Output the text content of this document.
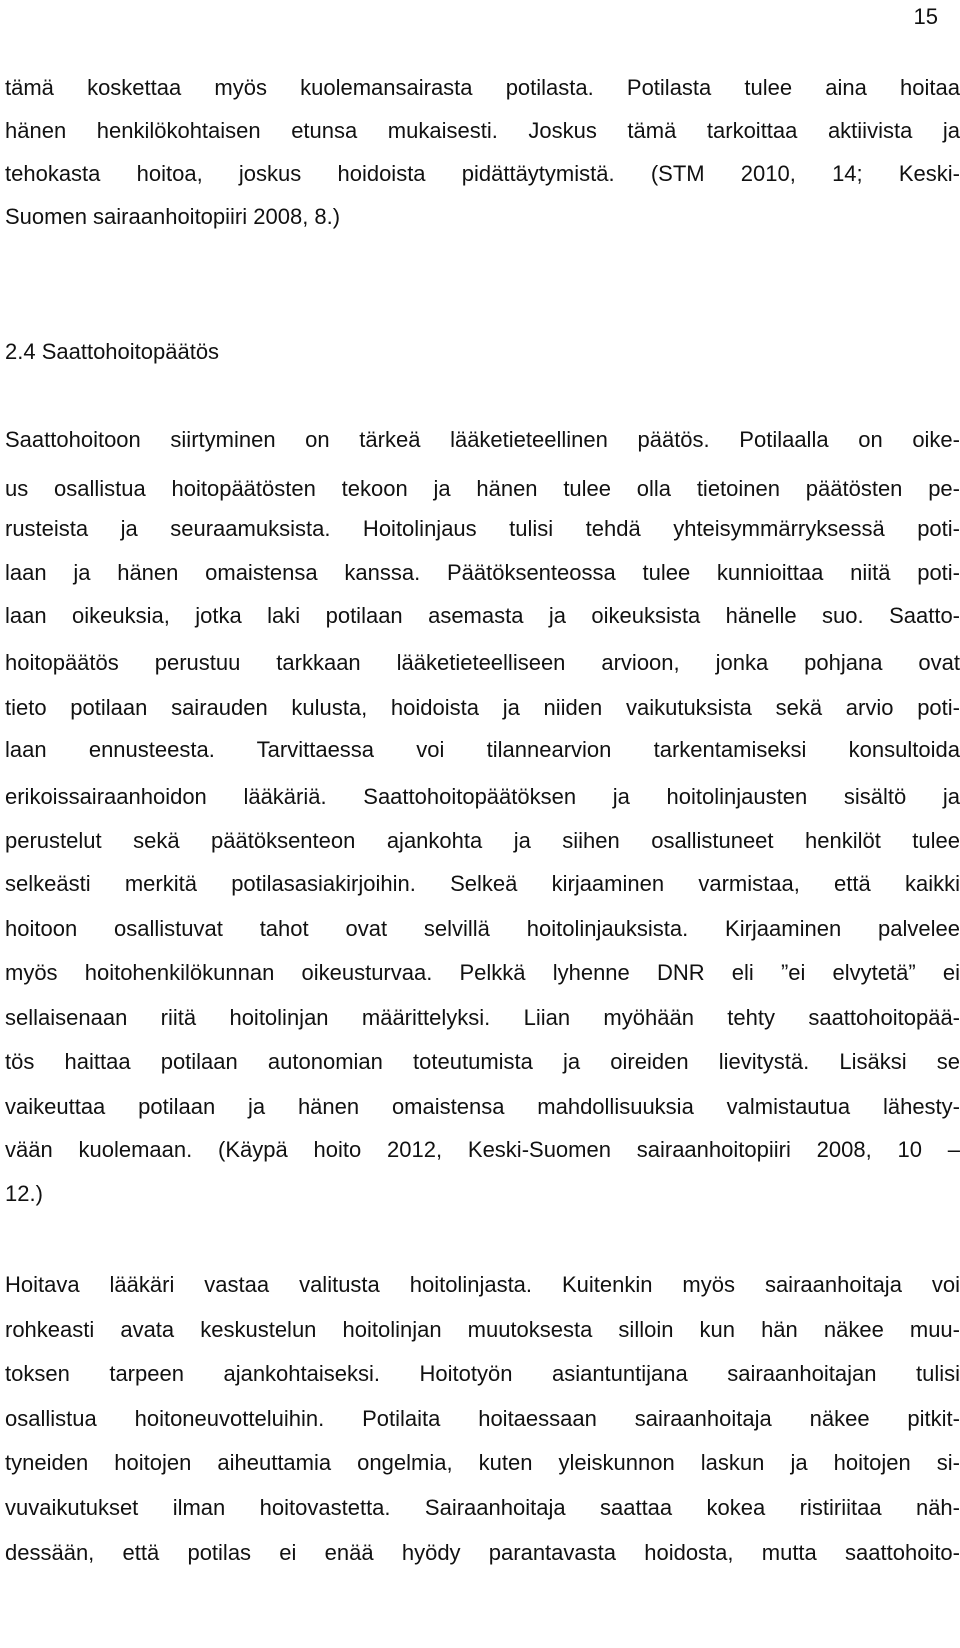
15

tämä koskettaa myös kuolemansairasta potilasta. Potilasta tulee aina hoitaa

hänen henkilökohtaisen etunsa mukaisesti. Joskus tämä tarkoittaa aktiivista ja

tehokasta hoitoa, joskus hoidoista pidättäytymistä. (STM 2010, 14; Keski-

Suomen sairaanhoitopiiri 2008, 8.)

2.4 Saattohoitopäätös

Saattohoitoon siirtyminen on tärkeä lääketieteellinen päätös. Potilaalla on oike-

us osallistua hoitopäätösten tekoon ja hänen tulee olla tietoinen päätösten pe-

rusteista ja seuraamuksista. Hoitolinjaus tulisi tehdä yhteisymmärryksessä poti-

laan ja hänen omaistensa kanssa. Päätöksenteossa tulee kunnioittaa niitä poti-

laan oikeuksia, jotka laki potilaan asemasta ja oikeuksista hänelle suo. Saatto-

hoitopäätös perustuu tarkkaan lääketieteelliseen arvioon, jonka pohjana ovat

tieto potilaan sairauden kulusta, hoidoista ja niiden vaikutuksista sekä arvio poti-

laan ennusteesta. Tarvittaessa voi tilannearvion tarkentamiseksi konsultoida

erikoissairaanhoidon lääkäriä. Saattohoitopäätöksen ja hoitolinjausten sisältö ja

perustelut sekä päätöksenteon ajankohta ja siihen osallistuneet henkilöt tulee

selkeästi merkitä potilasasiakirjoihin. Selkeä kirjaaminen varmistaa, että kaikki

hoitoon osallistuvat tahot ovat selvillä hoitolinjauksista. Kirjaaminen palvelee

myös hoitohenkilökunnan oikeusturvaa. Pelkkä lyhenne DNR eli ”ei elvytetä” ei

sellaisenaan riitä hoitolinjan määrittelyksi. Liian myöhään tehty saattohoitopää-

tös haittaa potilaan autonomian toteutumista ja oireiden lievitystä. Lisäksi se

vaikeuttaa potilaan ja hänen omaistensa mahdollisuuksia valmistautua lähesty-

vään kuolemaan. (Käypä hoito 2012, Keski-Suomen sairaanhoitopiiri 2008, 10 –

12.)

Hoitava lääkäri vastaa valitusta hoitolinjasta. Kuitenkin myös sairaanhoitaja voi

rohkeasti avata keskustelun hoitolinjan muutoksesta silloin kun hän näkee muu-

toksen tarpeen ajankohtaiseksi. Hoitotyön asiantuntijana sairaanhoitajan tulisi

osallistua hoitoneuvotteluihin. Potilaita hoitaessaan sairaanhoitaja näkee pitkit-

tyneiden hoitojen aiheuttamia ongelmia, kuten yleiskunnon laskun ja hoitojen si-

vuvaikutukset ilman hoitovastetta. Sairaanhoitaja saattaa kokea ristiriitaa näh-

dessään, että potilas ei enää hyödy parantavasta hoidosta, mutta saattohoito-
